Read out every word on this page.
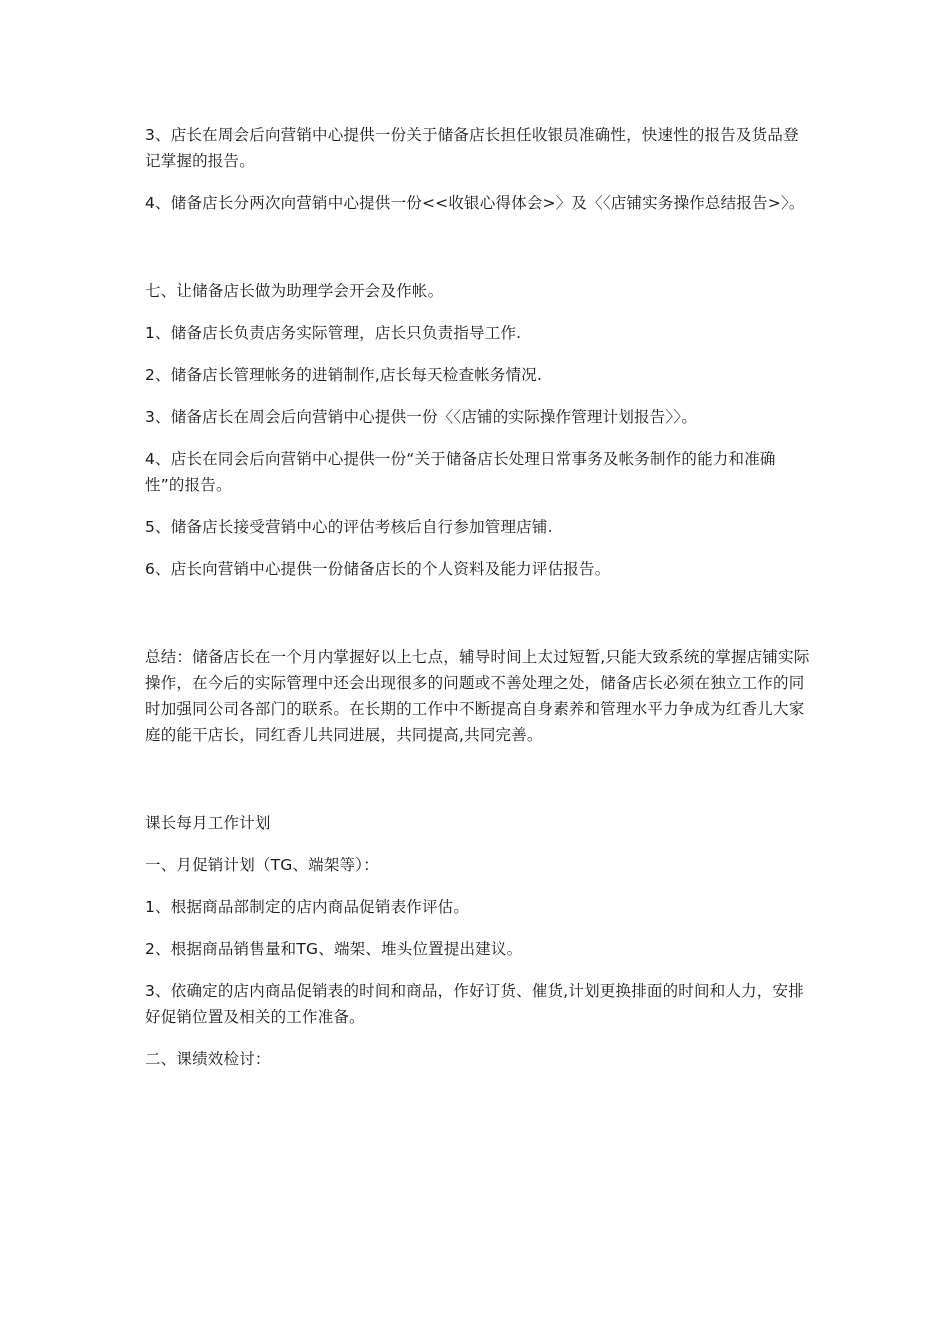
3、店长在周会后向营销中心提供一份关于储备店长担任收银员准确性，快速性的报告及货品登记掌握的报告。

4、储备店长分两次向营销中心提供一份<<收银心得体会>〉及〈〈店铺实务操作总结报告>〉。

七、让储备店长做为助理学会开会及作帐。

1、储备店长负责店务实际管理，店长只负责指导工作.

2、储备店长管理帐务的进销制作,店长每天检查帐务情况.

3、储备店长在周会后向营销中心提供一份〈〈店铺的实际操作管理计划报告〉〉。

4、店长在同会后向营销中心提供一份“关于储备店长处理日常事务及帐务制作的能力和准确性”的报告。

5、储备店长接受营销中心的评估考核后自行参加管理店铺.

6、店长向营销中心提供一份储备店长的个人资料及能力评估报告。

总结：储备店长在一个月内掌握好以上七点，辅导时间上太过短暂,只能大致系统的掌握店铺实际操作，在今后的实际管理中还会出现很多的问题或不善处理之处，储备店长必须在独立工作的同时加强同公司各部门的联系。在长期的工作中不断提高自身素养和管理水平力争成为红香儿大家庭的能干店长，同红香儿共同进展，共同提高,共同完善。

课长每月工作计划

一、月促销计划（TG、端架等）：

1、根据商品部制定的店内商品促销表作评估。

2、根据商品销售量和TG、端架、堆头位置提出建议。

3、依确定的店内商品促销表的时间和商品，作好订货、催货,计划更换排面的时间和人力，安排好促销位置及相关的工作准备。

二、课绩效检讨：
